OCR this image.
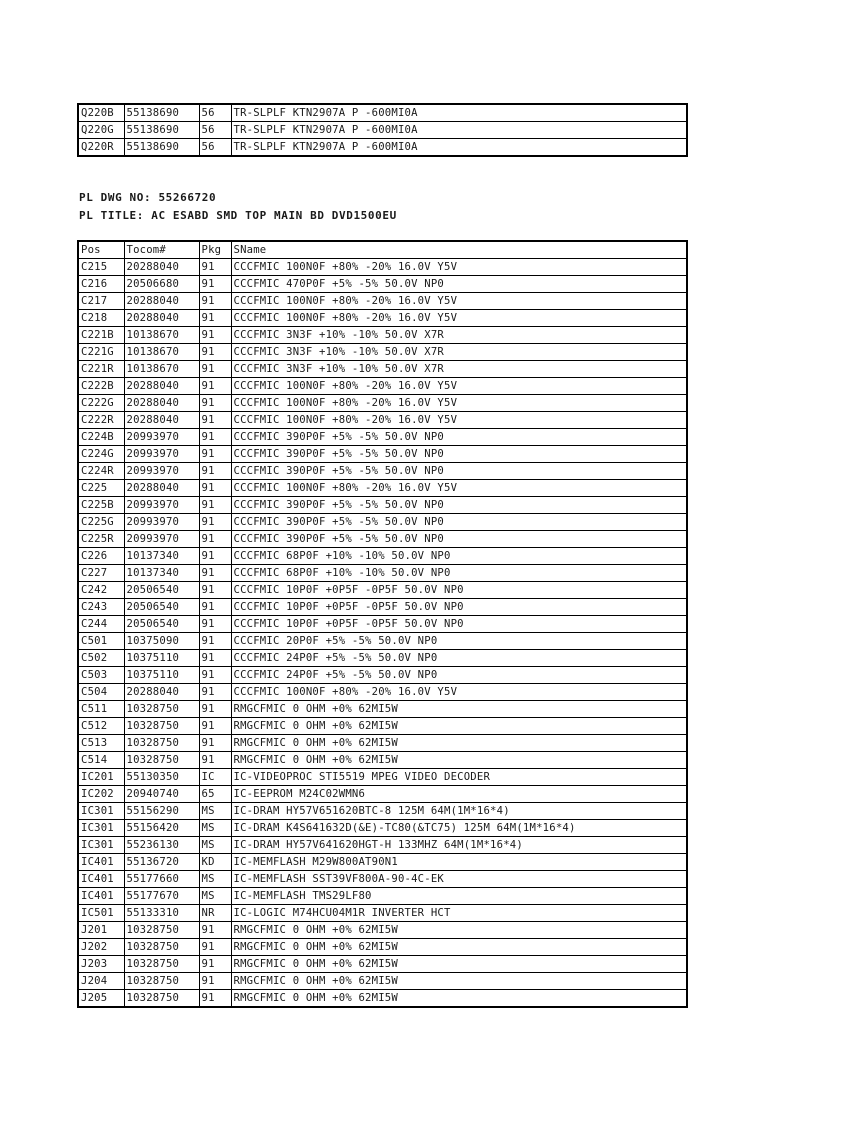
Q220B	55138690	56	TR-SLPLF KTN2907A P -600MI0A
Q220G	55138690	56	TR-SLPLF KTN2907A P -600MI0A
Q220R	55138690	56	TR-SLPLF KTN2907A P -600MI0A
PL DWG NO: 55266720
PL TITLE: AC ESABD SMD TOP MAIN BD DVD1500EU
Pos	Tocom#	Pkg	SName
C215	20288040	91	CCCFMIC 100N0F +80% -20% 16.0V Y5V
C216	20506680	91	CCCFMIC 470P0F +5% -5% 50.0V NP0
C217	20288040	91	CCCFMIC 100N0F +80% -20% 16.0V Y5V
C218	20288040	91	CCCFMIC 100N0F +80% -20% 16.0V Y5V
C221B	10138670	91	CCCFMIC 3N3F +10% -10% 50.0V X7R
C221G	10138670	91	CCCFMIC 3N3F +10% -10% 50.0V X7R
C221R	10138670	91	CCCFMIC 3N3F +10% -10% 50.0V X7R
C222B	20288040	91	CCCFMIC 100N0F +80% -20% 16.0V Y5V
C222G	20288040	91	CCCFMIC 100N0F +80% -20% 16.0V Y5V
C222R	20288040	91	CCCFMIC 100N0F +80% -20% 16.0V Y5V
C224B	20993970	91	CCCFMIC 390P0F +5% -5% 50.0V NP0
C224G	20993970	91	CCCFMIC 390P0F +5% -5% 50.0V NP0
C224R	20993970	91	CCCFMIC 390P0F +5% -5% 50.0V NP0
C225	20288040	91	CCCFMIC 100N0F +80% -20% 16.0V Y5V
C225B	20993970	91	CCCFMIC 390P0F +5% -5% 50.0V NP0
C225G	20993970	91	CCCFMIC 390P0F +5% -5% 50.0V NP0
C225R	20993970	91	CCCFMIC 390P0F +5% -5% 50.0V NP0
C226	10137340	91	CCCFMIC 68P0F +10% -10% 50.0V NP0
C227	10137340	91	CCCFMIC 68P0F +10% -10% 50.0V NP0
C242	20506540	91	CCCFMIC 10P0F +0P5F -0P5F 50.0V NP0
C243	20506540	91	CCCFMIC 10P0F +0P5F -0P5F 50.0V NP0
C244	20506540	91	CCCFMIC 10P0F +0P5F -0P5F 50.0V NP0
C501	10375090	91	CCCFMIC 20P0F +5% -5% 50.0V NP0
C502	10375110	91	CCCFMIC 24P0F +5% -5% 50.0V NP0
C503	10375110	91	CCCFMIC 24P0F +5% -5% 50.0V NP0
C504	20288040	91	CCCFMIC 100N0F +80% -20% 16.0V Y5V
C511	10328750	91	RMGCFMIC 0 OHM +0% 62MI5W
C512	10328750	91	RMGCFMIC 0 OHM +0% 62MI5W
C513	10328750	91	RMGCFMIC 0 OHM +0% 62MI5W
C514	10328750	91	RMGCFMIC 0 OHM +0% 62MI5W
IC201	55130350	IC	IC-VIDEOPROC STI5519 MPEG VIDEO DECODER
IC202	20940740	65	IC-EEPROM M24C02WMN6
IC301	55156290	MS	IC-DRAM HY57V651620BTC-8 125M 64M(1M*16*4)
IC301	55156420	MS	IC-DRAM K4S641632D(&E)-TC80(&TC75) 125M 64M(1M*16*4)
IC301	55236130	MS	IC-DRAM HY57V641620HGT-H 133MHZ 64M(1M*16*4)
IC401	55136720	KD	IC-MEMFLASH M29W800AT90N1
IC401	55177660	MS	IC-MEMFLASH SST39VF800A-90-4C-EK
IC401	55177670	MS	IC-MEMFLASH TMS29LF80
IC501	55133310	NR	IC-LOGIC M74HCU04M1R INVERTER HCT
J201	10328750	91	RMGCFMIC 0 OHM +0% 62MI5W
J202	10328750	91	RMGCFMIC 0 OHM +0% 62MI5W
J203	10328750	91	RMGCFMIC 0 OHM +0% 62MI5W
J204	10328750	91	RMGCFMIC 0 OHM +0% 62MI5W
J205	10328750	91	RMGCFMIC 0 OHM +0% 62MI5W
